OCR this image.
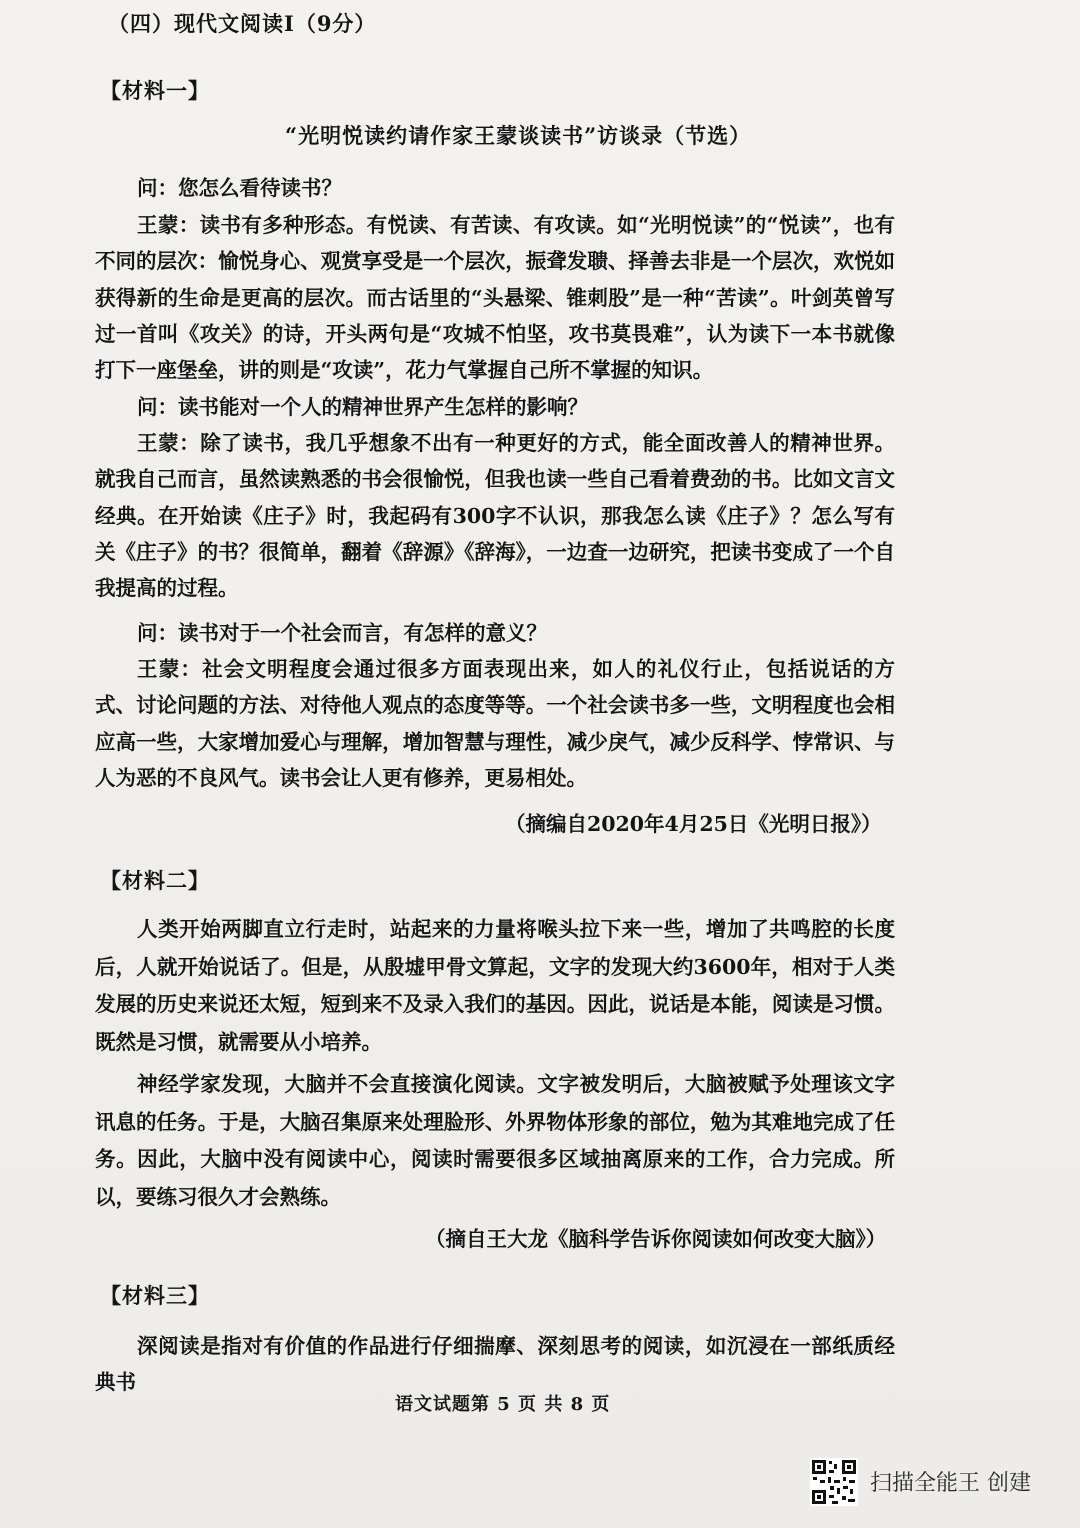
（四）现代文阅读Ⅰ（9分）
【材料一】
“光明悦读约请作家王蒙谈读书”访谈录（节选）

问：您怎么看待读书？

王蒙：读书有多种形态。有悦读、有苦读、有攻读。如“光明悦读”的“悦读”，也有不同的层次：愉悦身心、观赏享受是一个层次，振聋发聩、择善去非是一个层次，欢悦如获得新的生命是更高的层次。而古话里的“头悬梁、锥刺股”是一种“苦读”。叶剑英曾写过一首叫《攻关》的诗，开头两句是“攻城不怕坚，攻书莫畏难”，认为读下一本书就像打下一座堡垒，讲的则是“攻读”，花力气掌握自己所不掌握的知识。

问：读书能对一个人的精神世界产生怎样的影响？

王蒙：除了读书，我几乎想象不出有一种更好的方式，能全面改善人的精神世界。就我自己而言，虽然读熟悉的书会很愉悦，但我也读一些自己看着费劲的书。比如文言文经典。在开始读《庄子》时，我起码有300字不认识，那我怎么读《庄子》？怎么写有关《庄子》的书？很简单，翻着《辞源》《辞海》，一边查一边研究，把读书变成了一个自我提高的过程。

问：读书对于一个社会而言，有怎样的意义？

王蒙：社会文明程度会通过很多方面表现出来，如人的礼仪行止，包括说话的方式、讨论问题的方法、对待他人观点的态度等等。一个社会读书多一些，文明程度也会相应高一些，大家增加爱心与理解，增加智慧与理性，减少戾气，减少反科学、悖常识、与人为恶的不良风气。读书会让人更有修养，更易相处。

（摘编自2020年4月25日《光明日报》）
【材料二】

人类开始两脚直立行走时，站起来的力量将喉头拉下来一些，增加了共鸣腔的长度后，人就开始说话了。但是，从殷墟甲骨文算起，文字的发现大约3600年，相对于人类发展的历史来说还太短，短到来不及录入我们的基因。因此，说话是本能，阅读是习惯。既然是习惯，就需要从小培养。

神经学家发现，大脑并不会直接演化阅读。文字被发明后，大脑被赋予处理该文字讯息的任务。于是，大脑召集原来处理脸形、外界物体形象的部位，勉为其难地完成了任务。因此，大脑中没有阅读中心，阅读时需要很多区域抽离原来的工作，合力完成。所以，要练习很久才会熟练。

（摘自王大龙《脑科学告诉你阅读如何改变大脑》）
【材料三】

深阅读是指对有价值的作品进行仔细揣摩、深刻思考的阅读，如沉浸在一部纸质经典书

语文试题第 5 页 共 8 页
扫描全能王 创建
